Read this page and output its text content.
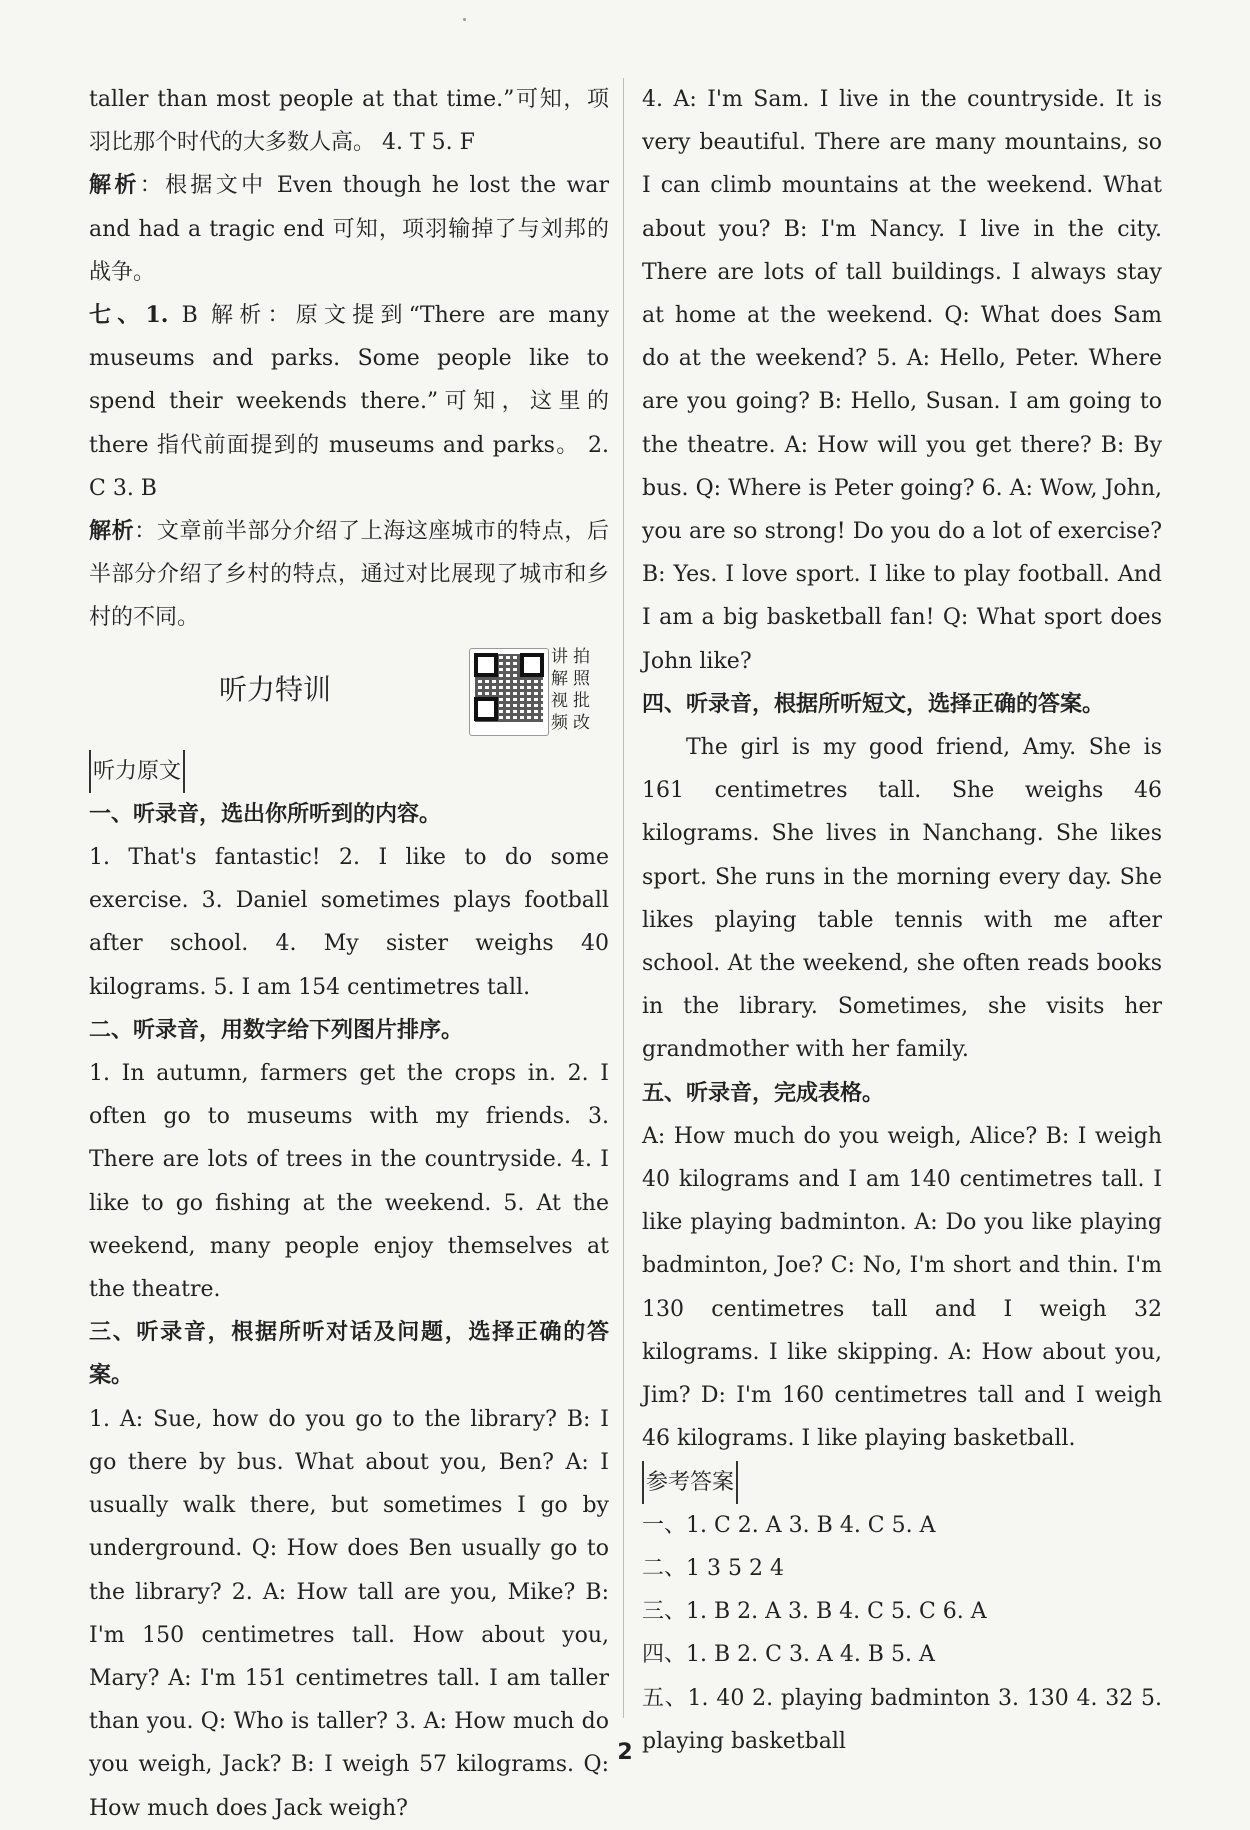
taller than most people at that time.”可知，项羽比那个时代的大多数人高。 4. T 5. F

解析：根据文中 Even though he lost the war and had a tragic end 可知，项羽输掉了与刘邦的战争。

七、1. B 解析：原文提到“There are many museums and parks. Some people like to spend their weekends there.”可知，这里的 there 指代前面提到的 museums and parks。 2. C 3. B

解析：文章前半部分介绍了上海这座城市的特点，后半部分介绍了乡村的特点，通过对比展现了城市和乡村的不同。

听力特训
讲 拍
解 照
视 批
频 改

听力原文

一、听录音，选出你所听到的内容。

1. That's fantastic! 2. I like to do some exercise. 3. Daniel sometimes plays football after school. 4. My sister weighs 40 kilograms. 5. I am 154 centimetres tall.

二、听录音，用数字给下列图片排序。

1. In autumn, farmers get the crops in. 2. I often go to museums with my friends. 3. There are lots of trees in the countryside. 4. I like to go fishing at the weekend. 5. At the weekend, many people enjoy themselves at the theatre.

三、听录音，根据所听对话及问题，选择正确的答案。

1. A: Sue, how do you go to the library? B: I go there by bus. What about you, Ben? A: I usually walk there, but sometimes I go by underground. Q: How does Ben usually go to the library? 2. A: How tall are you, Mike? B: I'm 150 centimetres tall. How about you, Mary? A: I'm 151 centimetres tall. I am taller than you. Q: Who is taller? 3. A: How much do you weigh, Jack? B: I weigh 57 kilograms. Q: How much does Jack weigh?

4. A: I'm Sam. I live in the countryside. It is very beautiful. There are many mountains, so I can climb mountains at the weekend. What about you? B: I'm Nancy. I live in the city. There are lots of tall buildings. I always stay at home at the weekend. Q: What does Sam do at the weekend? 5. A: Hello, Peter. Where are you going? B: Hello, Susan. I am going to the theatre. A: How will you get there? B: By bus. Q: Where is Peter going? 6. A: Wow, John, you are so strong! Do you do a lot of exercise? B: Yes. I love sport. I like to play football. And I am a big basketball fan! Q: What sport does John like?

四、听录音，根据所听短文，选择正确的答案。

The girl is my good friend, Amy. She is 161 centimetres tall. She weighs 46 kilograms. She lives in Nanchang. She likes sport. She runs in the morning every day. She likes playing table tennis with me after school. At the weekend, she often reads books in the library. Sometimes, she visits her grandmother with her family.

五、听录音，完成表格。

A: How much do you weigh, Alice? B: I weigh 40 kilograms and I am 140 centimetres tall. I like playing badminton. A: Do you like playing badminton, Joe? C: No, I'm short and thin. I'm 130 centimetres tall and I weigh 32 kilograms. I like skipping. A: How about you, Jim? D: I'm 160 centimetres tall and I weigh 46 kilograms. I like playing basketball.

参考答案

一、1. C 2. A 3. B 4. C 5. A

二、1 3 5 2 4

三、1. B 2. A 3. B 4. C 5. C 6. A

四、1. B 2. C 3. A 4. B 5. A

五、1. 40 2. playing badminton 3. 130 4. 32 5. playing basketball

2
